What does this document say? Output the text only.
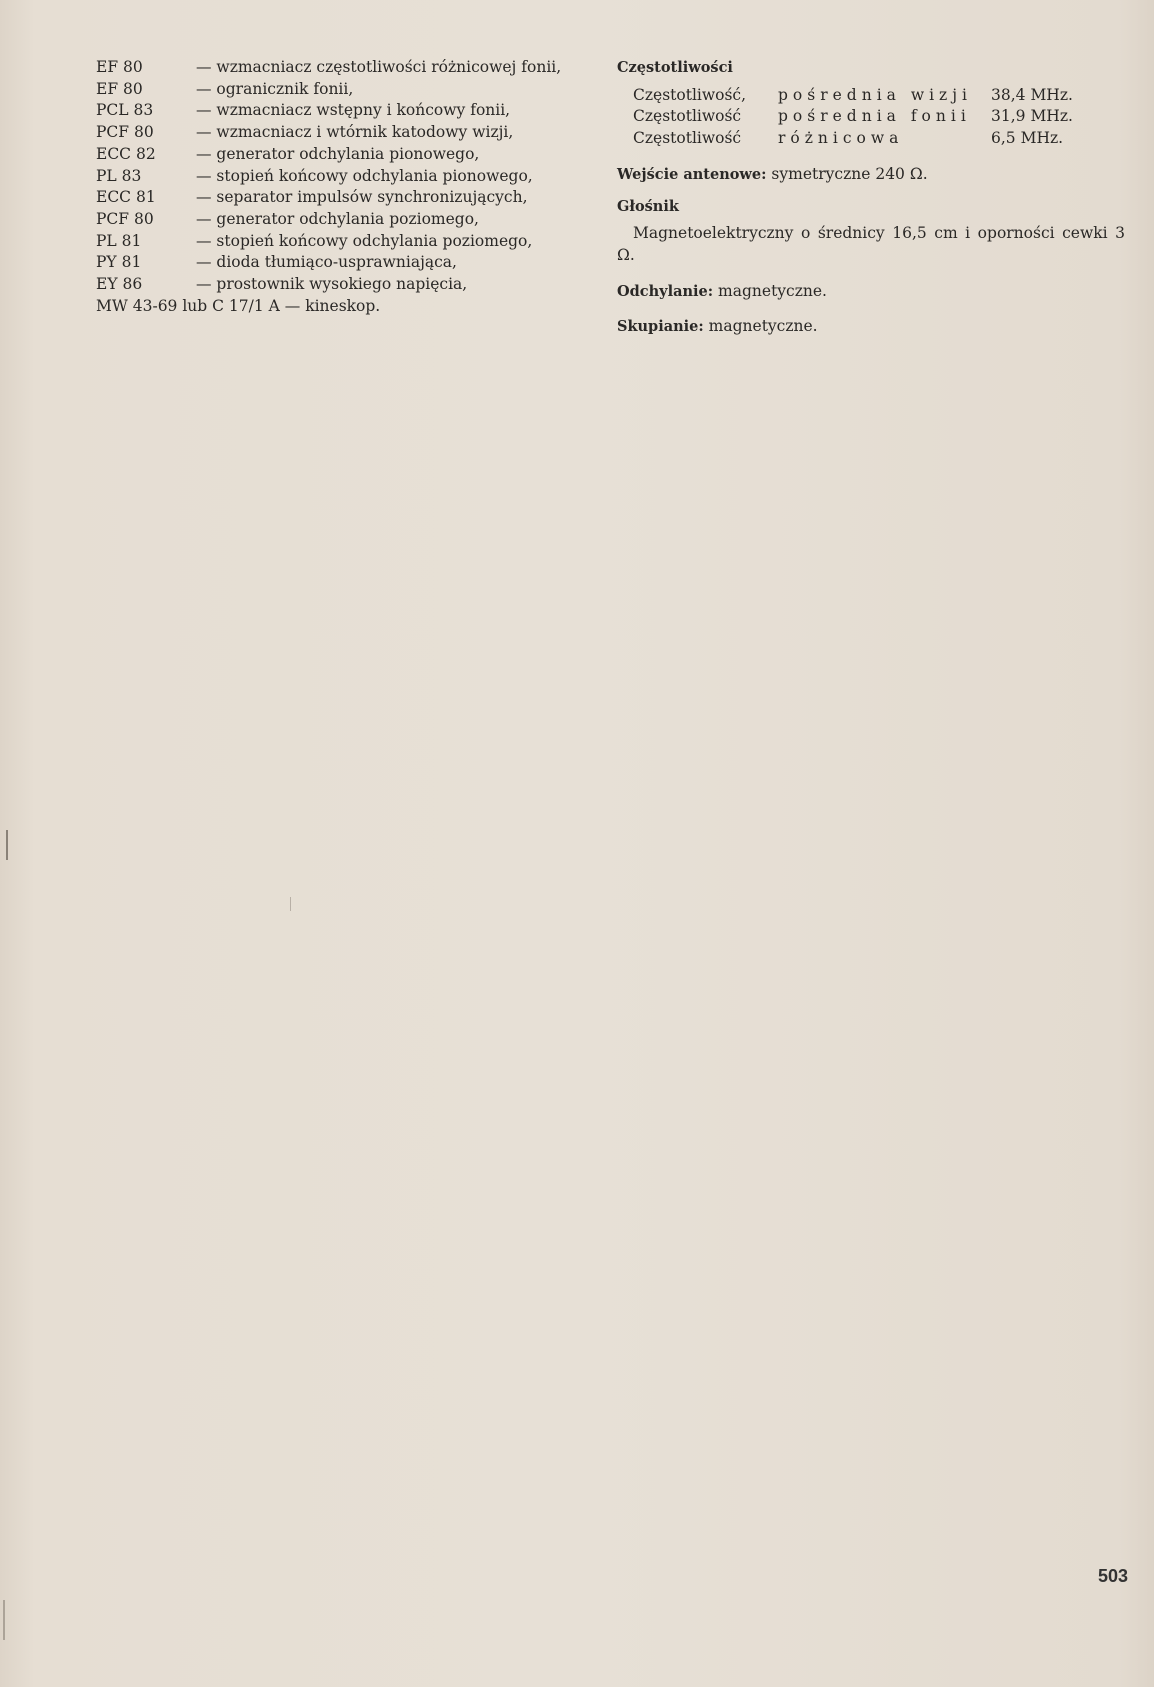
EF 80	— wzmacniacz częstotliwości różnicowej fonii,
EF 80	— ogranicznik fonii,
PCL 83	— wzmacniacz wstępny i końcowy fonii,
PCF 80	— wzmacniacz i wtórnik katodowy wizji,
ECC 82	— generator odchylania pionowego,
PL 83	— stopień końcowy odchylania pionowego,
ECC 81	— separator impulsów synchronizujących,
PCF 80	— generator odchylania poziomego,
PL 81	— stopień końcowy odchylania poziomego,
PY 81	— dioda tłumiąco-usprawniająca,
EY 86	— prostownik wysokiego napięcia,
MW 43-69 lub C 17/1 A — kineskop.
Częstotliwości
Częstotliwość,	pośrednia wizji	38,4 MHz.
Częstotliwość	pośrednia fonii	31,9 MHz.
Częstotliwość	różnicowa	6,5 MHz.
Wejście antenowe: symetryczne 240 Ω.
Głośnik
Magnetoelektryczny o średnicy 16,5 cm i oporności cewki 3 Ω.
Odchylanie: magnetyczne.
Skupianie: magnetyczne.
503
